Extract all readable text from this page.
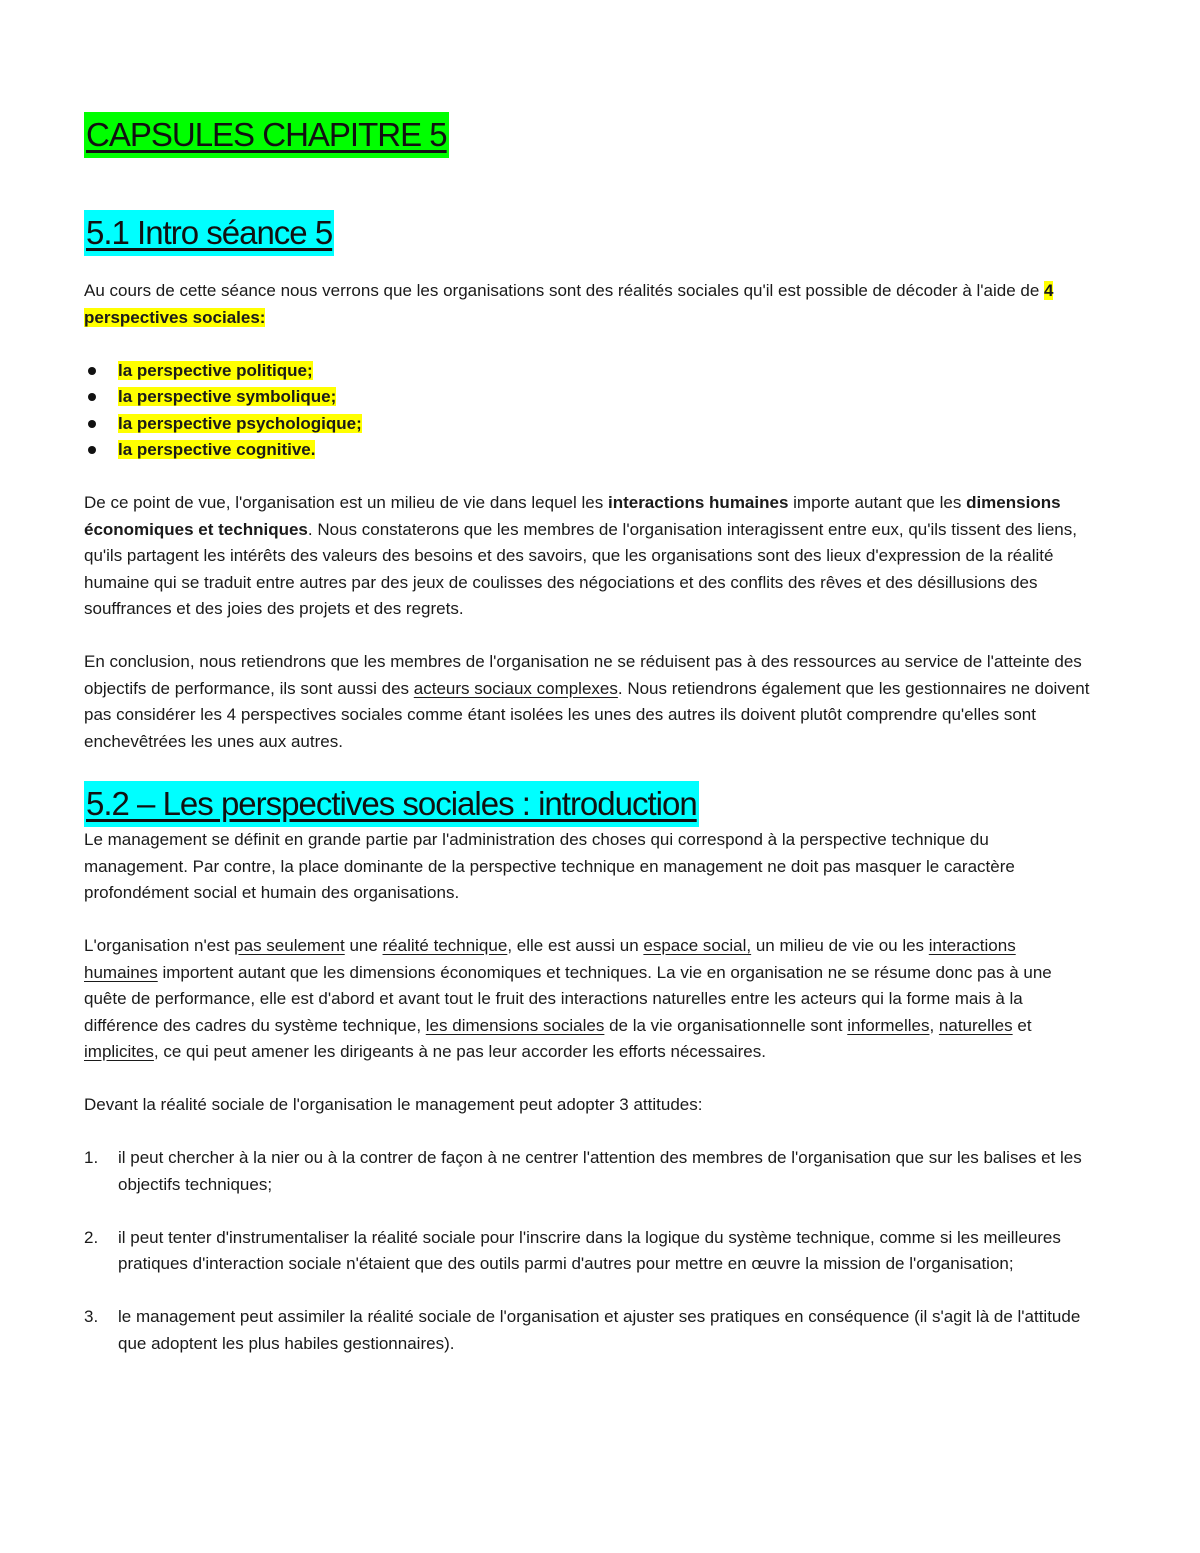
CAPSULES CHAPITRE 5
5.1 Intro séance 5

Au cours de cette séance nous verrons que les organisations sont des réalités sociales qu'il est possible de décoder à l'aide de 4 perspectives sociales:

la perspective politique;
la perspective symbolique;
la perspective psychologique;
la perspective cognitive.

De ce point de vue, l'organisation est un milieu de vie dans lequel les interactions humaines importe autant que les dimensions économiques et techniques. Nous constaterons que les membres de l'organisation interagissent entre eux, qu'ils tissent des liens, qu'ils partagent les intérêts des valeurs des besoins et des savoirs, que les organisations sont des lieux d'expression de la réalité humaine qui se traduit entre autres par des jeux de coulisses des négociations et des conflits des rêves et des désillusions des souffrances et des joies des projets et des regrets.

En conclusion, nous retiendrons que les membres de l'organisation ne se réduisent pas à des ressources au service de l'atteinte des objectifs de performance, ils sont aussi des acteurs sociaux complexes. Nous retiendrons également que les gestionnaires ne doivent pas considérer les 4 perspectives sociales comme étant isolées les unes des autres ils doivent plutôt comprendre qu'elles sont enchevêtrées les unes aux autres.

5.2 – Les perspectives sociales : introduction

Le management se définit en grande partie par l'administration des choses qui correspond à la perspective technique du management. Par contre, la place dominante de la perspective technique en management ne doit pas masquer le caractère profondément social et humain des organisations.

L'organisation n'est pas seulement une réalité technique, elle est aussi un espace social, un milieu de vie ou les interactions humaines importent autant que les dimensions économiques et techniques. La vie en organisation ne se résume donc pas à une quête de performance, elle est d'abord et avant tout le fruit des interactions naturelles entre les acteurs qui la forme mais à la différence des cadres du système technique, les dimensions sociales de la vie organisationnelle sont informelles, naturelles et implicites, ce qui peut amener les dirigeants à ne pas leur accorder les efforts nécessaires.

Devant la réalité sociale de l'organisation le management peut adopter 3 attitudes:

1.	il peut chercher à la nier ou à la contrer de façon à ne centrer l'attention des membres de l'organisation que sur les balises et les objectifs techniques;
2.	il peut tenter d'instrumentaliser la réalité sociale pour l'inscrire dans la logique du système technique, comme si les meilleures pratiques d'interaction sociale n'étaient que des outils parmi d'autres pour mettre en œuvre la mission de l'organisation;
3.	le management peut assimiler la réalité sociale de l'organisation et ajuster ses pratiques en conséquence (il s'agit là de l'attitude que adoptent les plus habiles gestionnaires).
